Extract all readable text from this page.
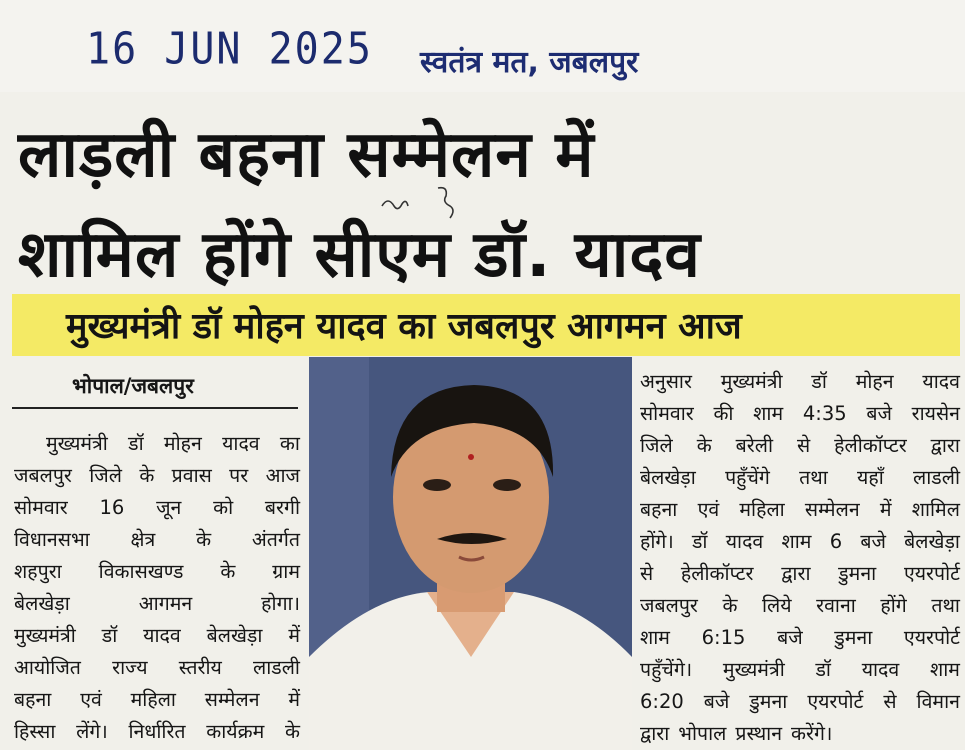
16 JUN 2025 स्वतंत्र मत, जबलपुर
लाड़ली बहना सम्मेलन में
शामिल होंगे सीएम डॉ. यादव
मुख्यमंत्री डॉ मोहन यादव का जबलपुर आगमन आज
भोपाल/जबलपुर
मुख्यमंत्री डॉ मोहन यादव का
जबलपुर जिले के प्रवास पर आज
सोमवार 16 जून को बरगी
विधानसभा क्षेत्र के अंतर्गत
शहपुरा विकासखण्ड के ग्राम
बेलखेड़ा	आगमन	होगा।
मुख्यमंत्री डॉ यादव बेलखेड़ा में
आयोजित राज्य स्तरीय लाडली
बहना एवं महिला सम्मेलन में
हिस्सा लेंगे। निर्धारित कार्यक्रम के
अनुसार मुख्यमंत्री डॉ मोहन यादव
सोमवार की शाम 4:35 बजे रायसेन
जिले के बरेली से हेलीकॉप्टर द्वारा
बेलखेड़ा पहुँचेंगे तथा यहाँ लाडली
बहना एवं महिला सम्मेलन में शामिल
होंगे। डॉ यादव शाम 6 बजे बेलखेड़ा
से हेलीकॉप्टर द्वारा डुमना एयरपोर्ट
जबलपुर के लिये रवाना होंगे तथा
शाम 6:15 बजे डुमना एयरपोर्ट
पहुँचेंगे। मुख्यमंत्री डॉ यादव शाम
6:20 बजे डुमना एयरपोर्ट से विमान
द्वारा भोपाल प्रस्थान करेंगे।
